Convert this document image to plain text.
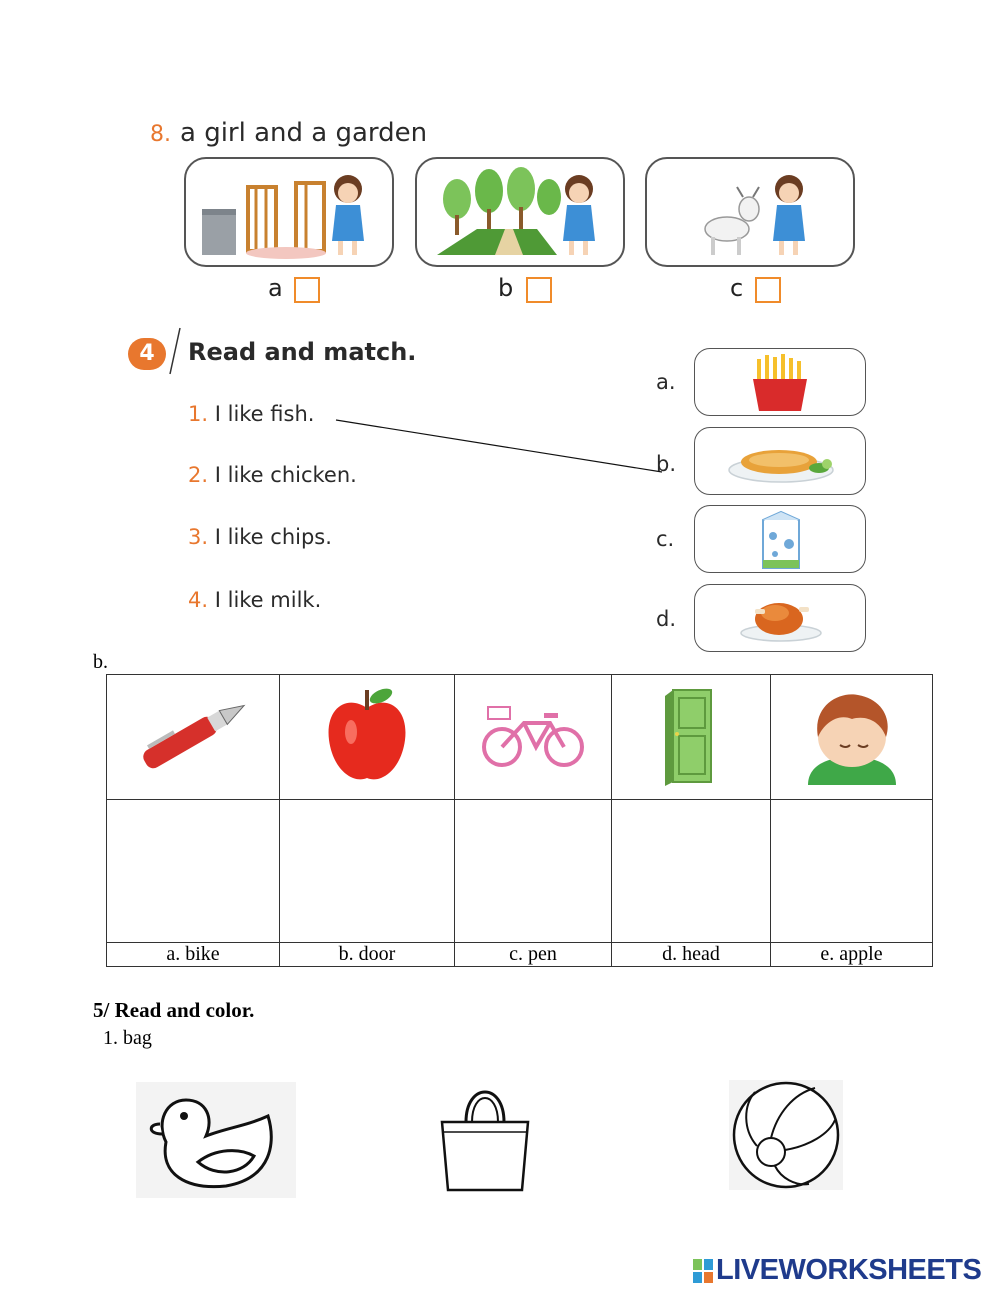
8. a girl and a garden
a	b	c
4	Read and match.
1. I like fish.
2. I like chicken.
3. I like chips.
4. I like milk.
a.
b.
c.
d.
b.

a. bike	b. door	c. pen	d. head	e. apple
5/ Read and color.
1. bag
LIVEWORKSHEETS
